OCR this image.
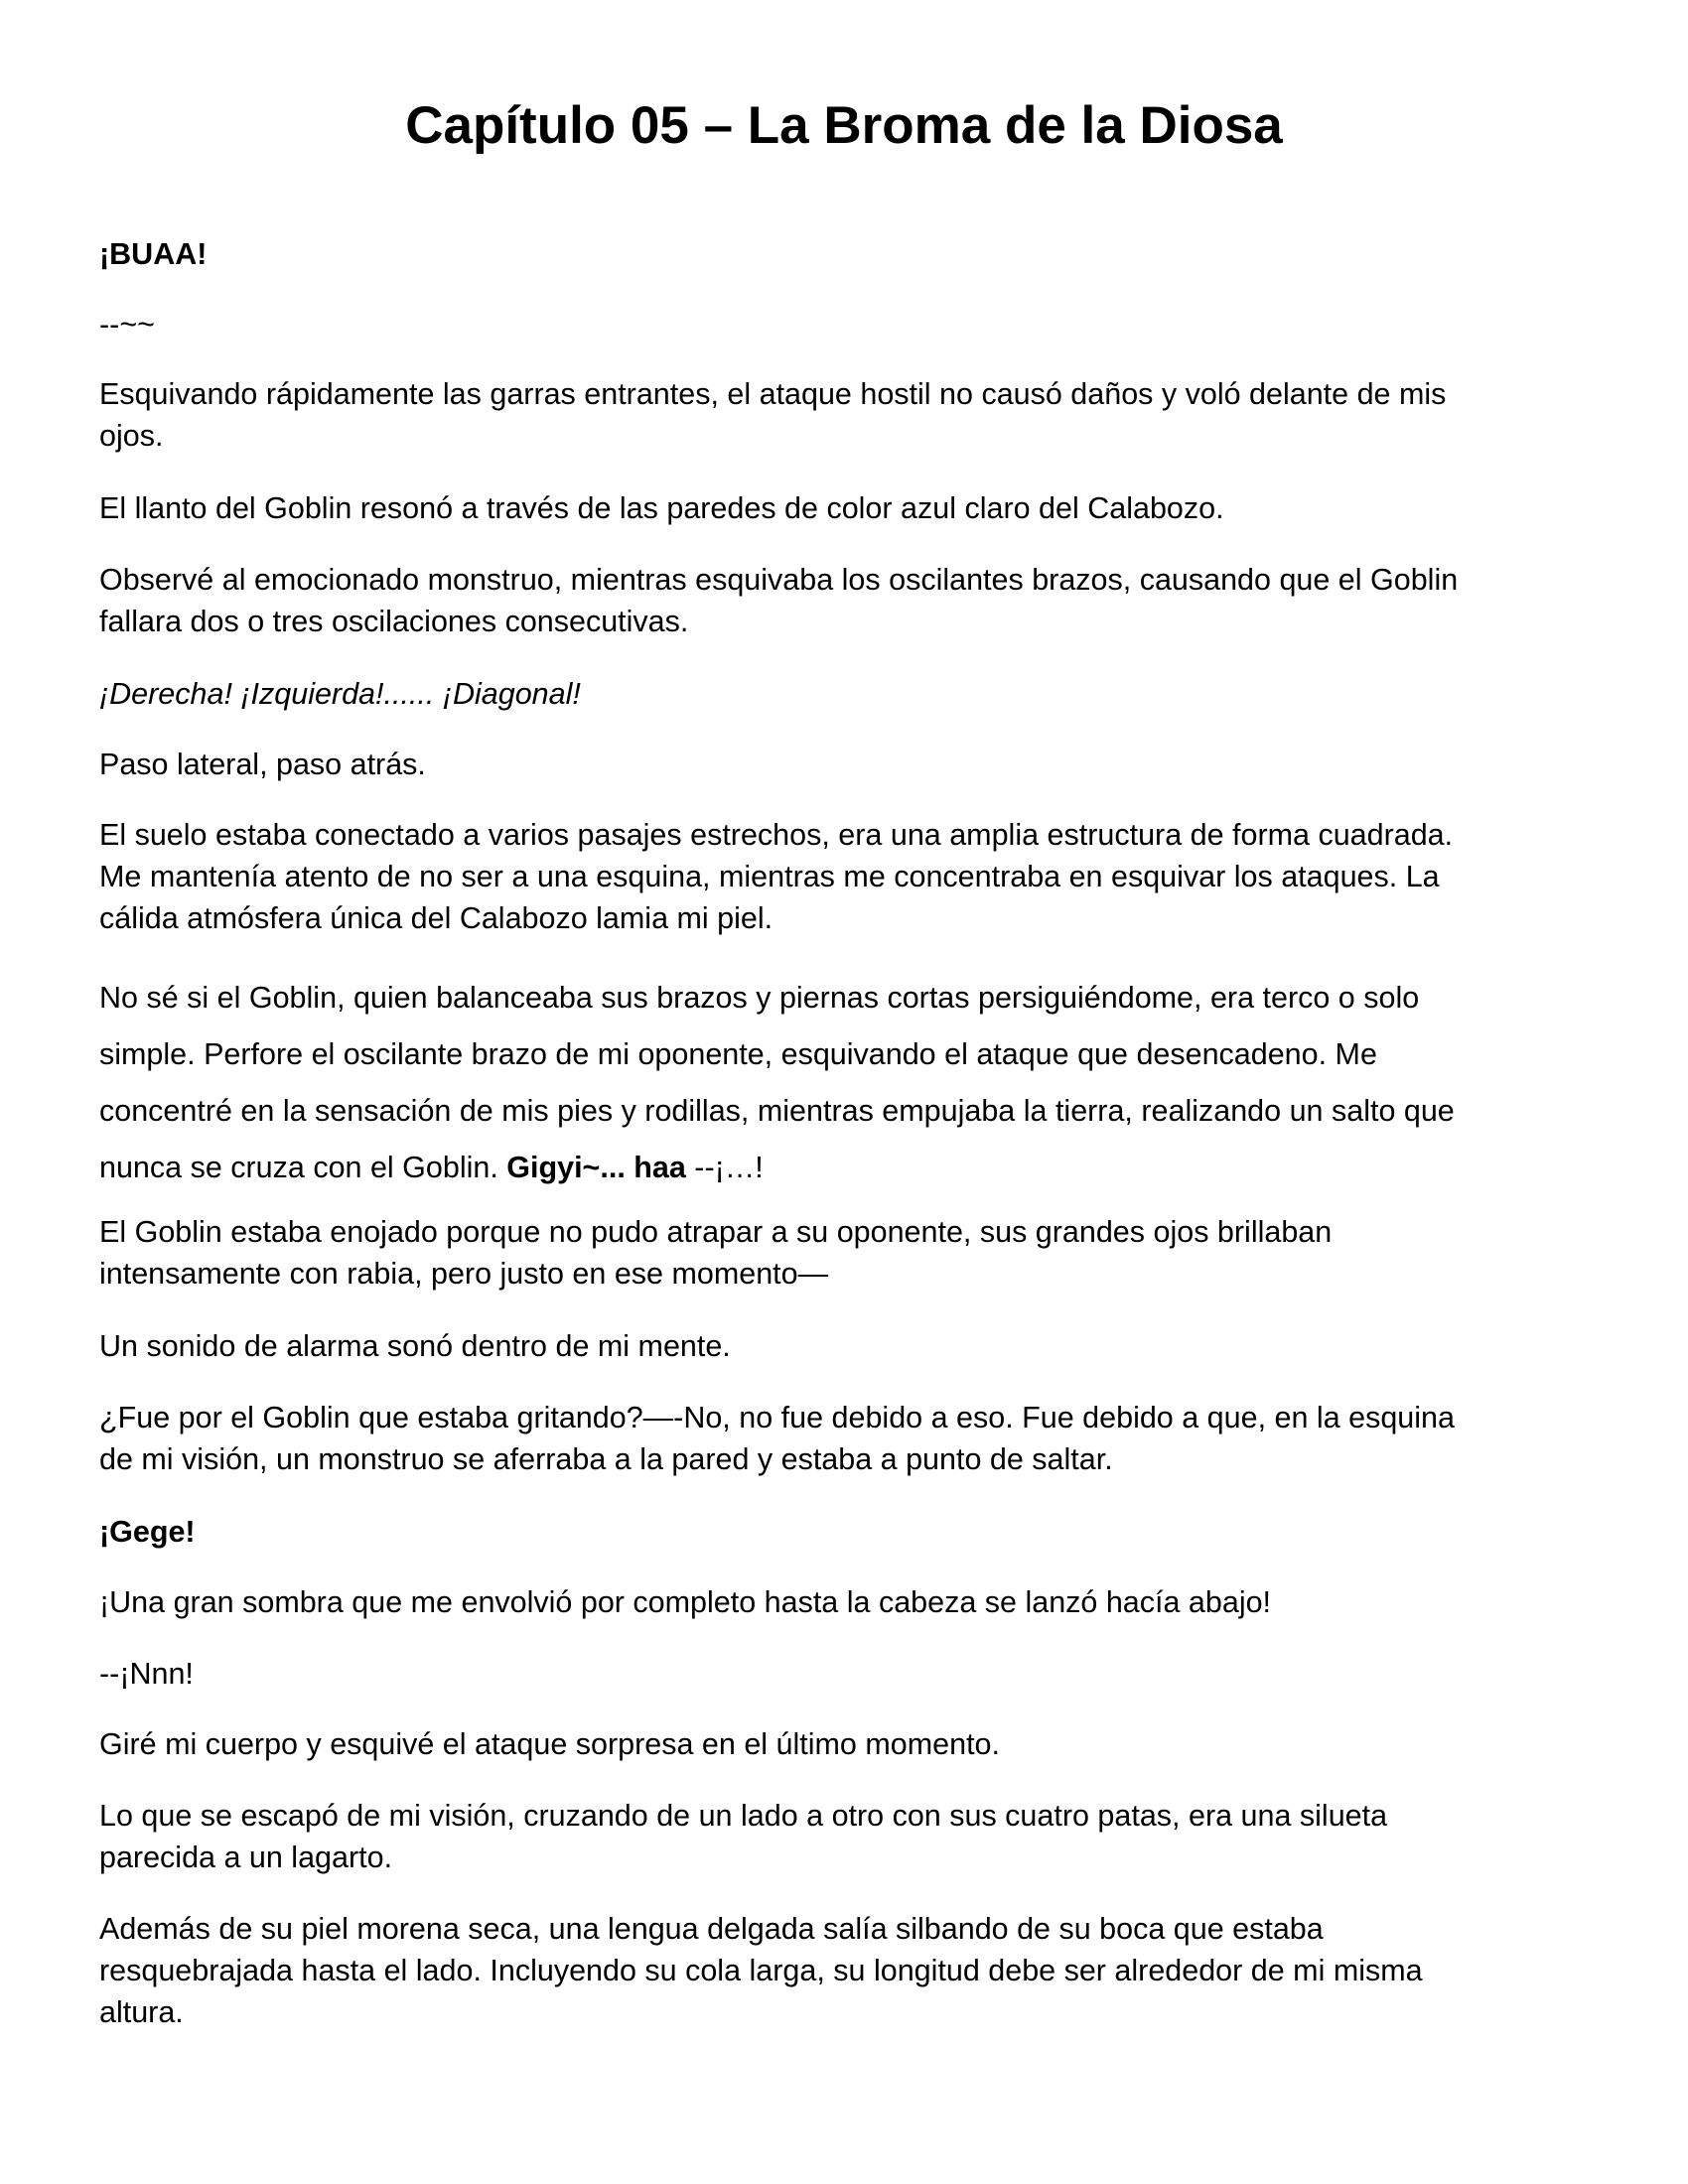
Capítulo 05 – La Broma de la Diosa

¡BUAA!

--~~

Esquivando rápidamente las garras entrantes, el ataque hostil no causó daños y voló delante de mis
ojos.

El llanto del Goblin resonó a través de las paredes de color azul claro del Calabozo.

Observé al emocionado monstruo, mientras esquivaba los oscilantes brazos, causando que el Goblin
fallara dos o tres oscilaciones consecutivas.

¡Derecha! ¡Izquierda!...... ¡Diagonal!

Paso lateral, paso atrás.

El suelo estaba conectado a varios pasajes estrechos, era una amplia estructura de forma cuadrada.
Me mantenía atento de no ser a una esquina, mientras me concentraba en esquivar los ataques. La
cálida atmósfera única del Calabozo lamia mi piel.

No sé si el Goblin, quien balanceaba sus brazos y piernas cortas persiguiéndome, era terco o solo
simple. Perfore el oscilante brazo de mi oponente, esquivando el ataque que desencadeno. Me
concentré en la sensación de mis pies y rodillas, mientras empujaba la tierra, realizando un salto que
nunca se cruza con el Goblin. Gigyi~... haa --¡…!

El Goblin estaba enojado porque no pudo atrapar a su oponente, sus grandes ojos brillaban
intensamente con rabia, pero justo en ese momento—

Un sonido de alarma sonó dentro de mi mente.

¿Fue por el Goblin que estaba gritando?—-No, no fue debido a eso. Fue debido a que, en la esquina
de mi visión, un monstruo se aferraba a la pared y estaba a punto de saltar.

¡Gege!

¡Una gran sombra que me envolvió por completo hasta la cabeza se lanzó hacía abajo!

--¡Nnn!

Giré mi cuerpo y esquivé el ataque sorpresa en el último momento.

Lo que se escapó de mi visión, cruzando de un lado a otro con sus cuatro patas, era una silueta
parecida a un lagarto.

Además de su piel morena seca, una lengua delgada salía silbando de su boca que estaba
resquebrajada hasta el lado. Incluyendo su cola larga, su longitud debe ser alrededor de mi misma
altura.
